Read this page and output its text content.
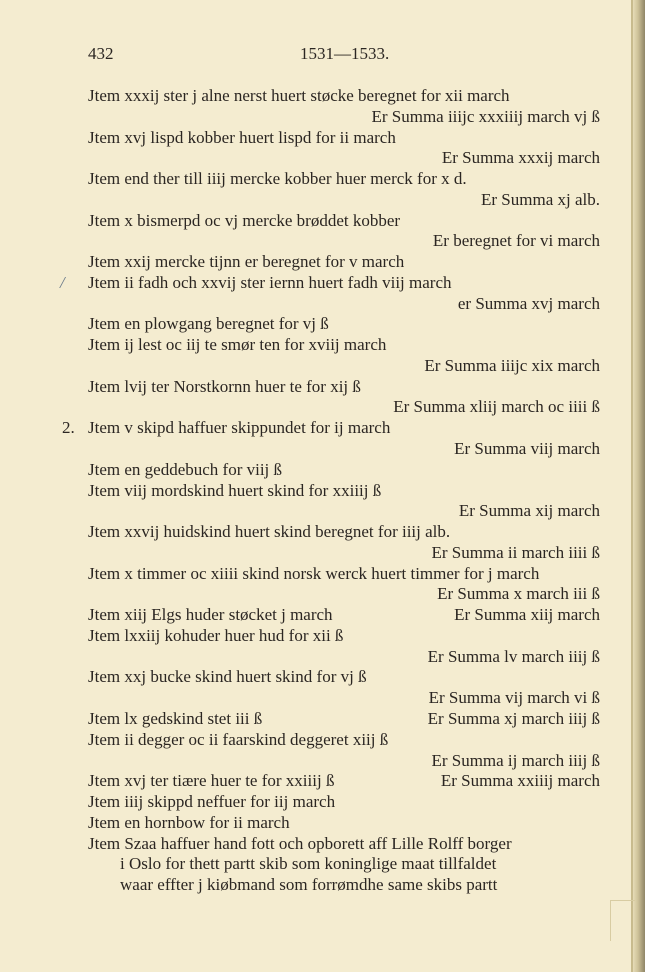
432	1531—1533.
Jtem xxxij ster j alne nerst huert støcke beregnet for xii march
Er Summa iiijc xxxiiij march vj ß
Jtem xvj lispd kobber huert lispd for ii march
Er Summa xxxij march
Jtem end ther till iiij mercke kobber huer merck for x d.
Er Summa xj alb.
Jtem x bismerpd oc vj mercke brøddet kobber
Er beregnet for vi march
Jtem xxij mercke tijnn er beregnet for v march
/ Jtem ii fadh och xxvij ster iernn huert fadh viij march
er Summa xvj march
Jtem en plowgang beregnet for vj ß
Jtem ij lest oc iij te smør ten for xviij march
Er Summa iiijc xix march
Jtem lvij ter Norstkornn huer te for xij ß
Er Summa xliij march oc iiii ß
2. Jtem v skipd haffuer skippundet for ij march
Er Summa viij march
Jtem en geddebuch for viij ß
Jtem viij mordskind huert skind for xxiiij ß
Er Summa xij march
Jtem xxvij huidskind huert skind beregnet for iiij alb.
Er Summa ii march iiii ß
Jtem x timmer oc xiiii skind norsk werck huert timmer for j march
Er Summa x march iii ß
Jtem xiij Elgs huder støcket j march	Er Summa xiij march
Jtem lxxiij kohuder huer hud for xii ß
Er Summa lv march iiij ß
Jtem xxj bucke skind huert skind for vj ß
Er Summa vij march vi ß
Jtem lx gedskind stet iii ß	Er Summa xj march iiij ß
Jtem ii degger oc ii faarskind deggeret xiij ß
Er Summa ij march iiij ß
Jtem xvj ter tiære huer te for xxiiij ß	Er Summa xxiiij march
Jtem iiij skippd neffuer for iij march
Jtem en hornbow for ii march
Jtem Szaa haffuer hand fott och opborett aff Lille Rolff borger
i Oslo for thett partt skib som koninglige maat tillfaldet
waar effter j kiøbmand som forrømdhe same skibs partt
